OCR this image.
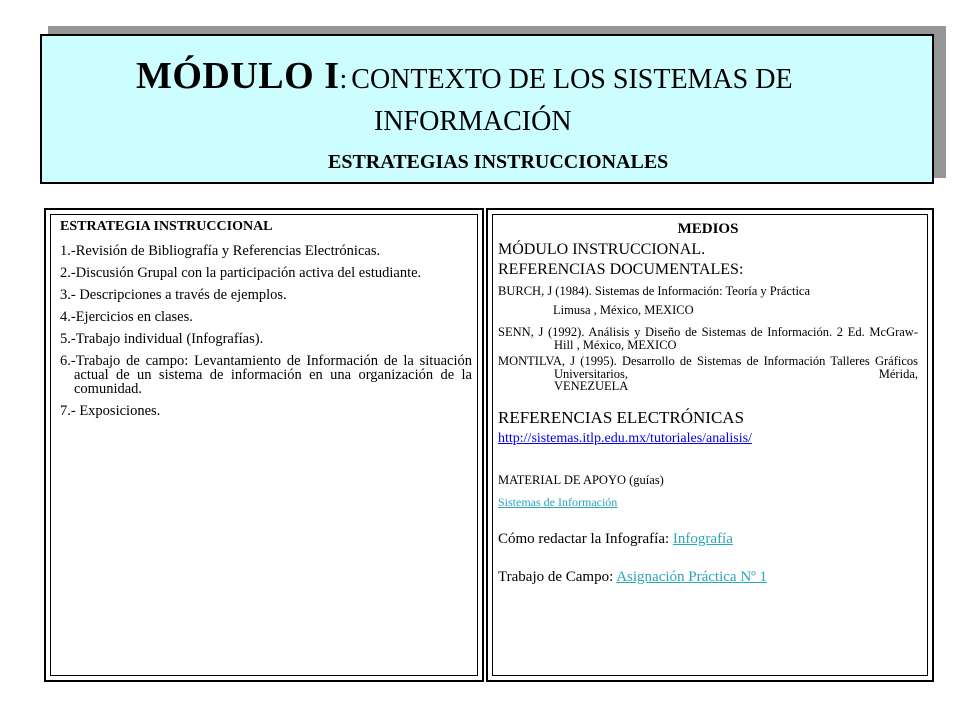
MÓDULO I: CONTEXTO DE LOS SISTEMAS DE
INFORMACIÓN
ESTRATEGIAS INSTRUCCIONALES
ESTRATEGIA INSTRUCCIONAL
1.-Revisión de Bibliografía y Referencias Electrónicas.
2.-Discusión Grupal con la participación activa del estudiante.
3.- Descripciones a través de ejemplos.
4.-Ejercicios en clases.
5.-Trabajo individual (Infografías).
6.-Trabajo de campo: Levantamiento de Información de la situación actual de un sistema de información en una organización de la comunidad.
7.- Exposiciones.
MEDIOS
MÓDULO INSTRUCCIONAL.
REFERENCIAS DOCUMENTALES:
BURCH, J (1984). Sistemas de Información: Teoría y Práctica
Limusa , México, MEXICO
SENN, J (1992). Análisis y Diseño de Sistemas de Información. 2 Ed. McGraw-Hill , México, MEXICO
MONTILVA, J (1995). Desarrollo de Sistemas de Información Talleres Gráficos Universitarios, Mérida,
VENEZUELA
REFERENCIAS ELECTRÓNICAS
http://sistemas.itlp.edu.mx/tutoriales/analisis/
MATERIAL DE APOYO (guías)
Sistemas de Información
Cómo redactar la Infografía: Infografía
Trabajo de Campo: Asignación Práctica Nº 1
